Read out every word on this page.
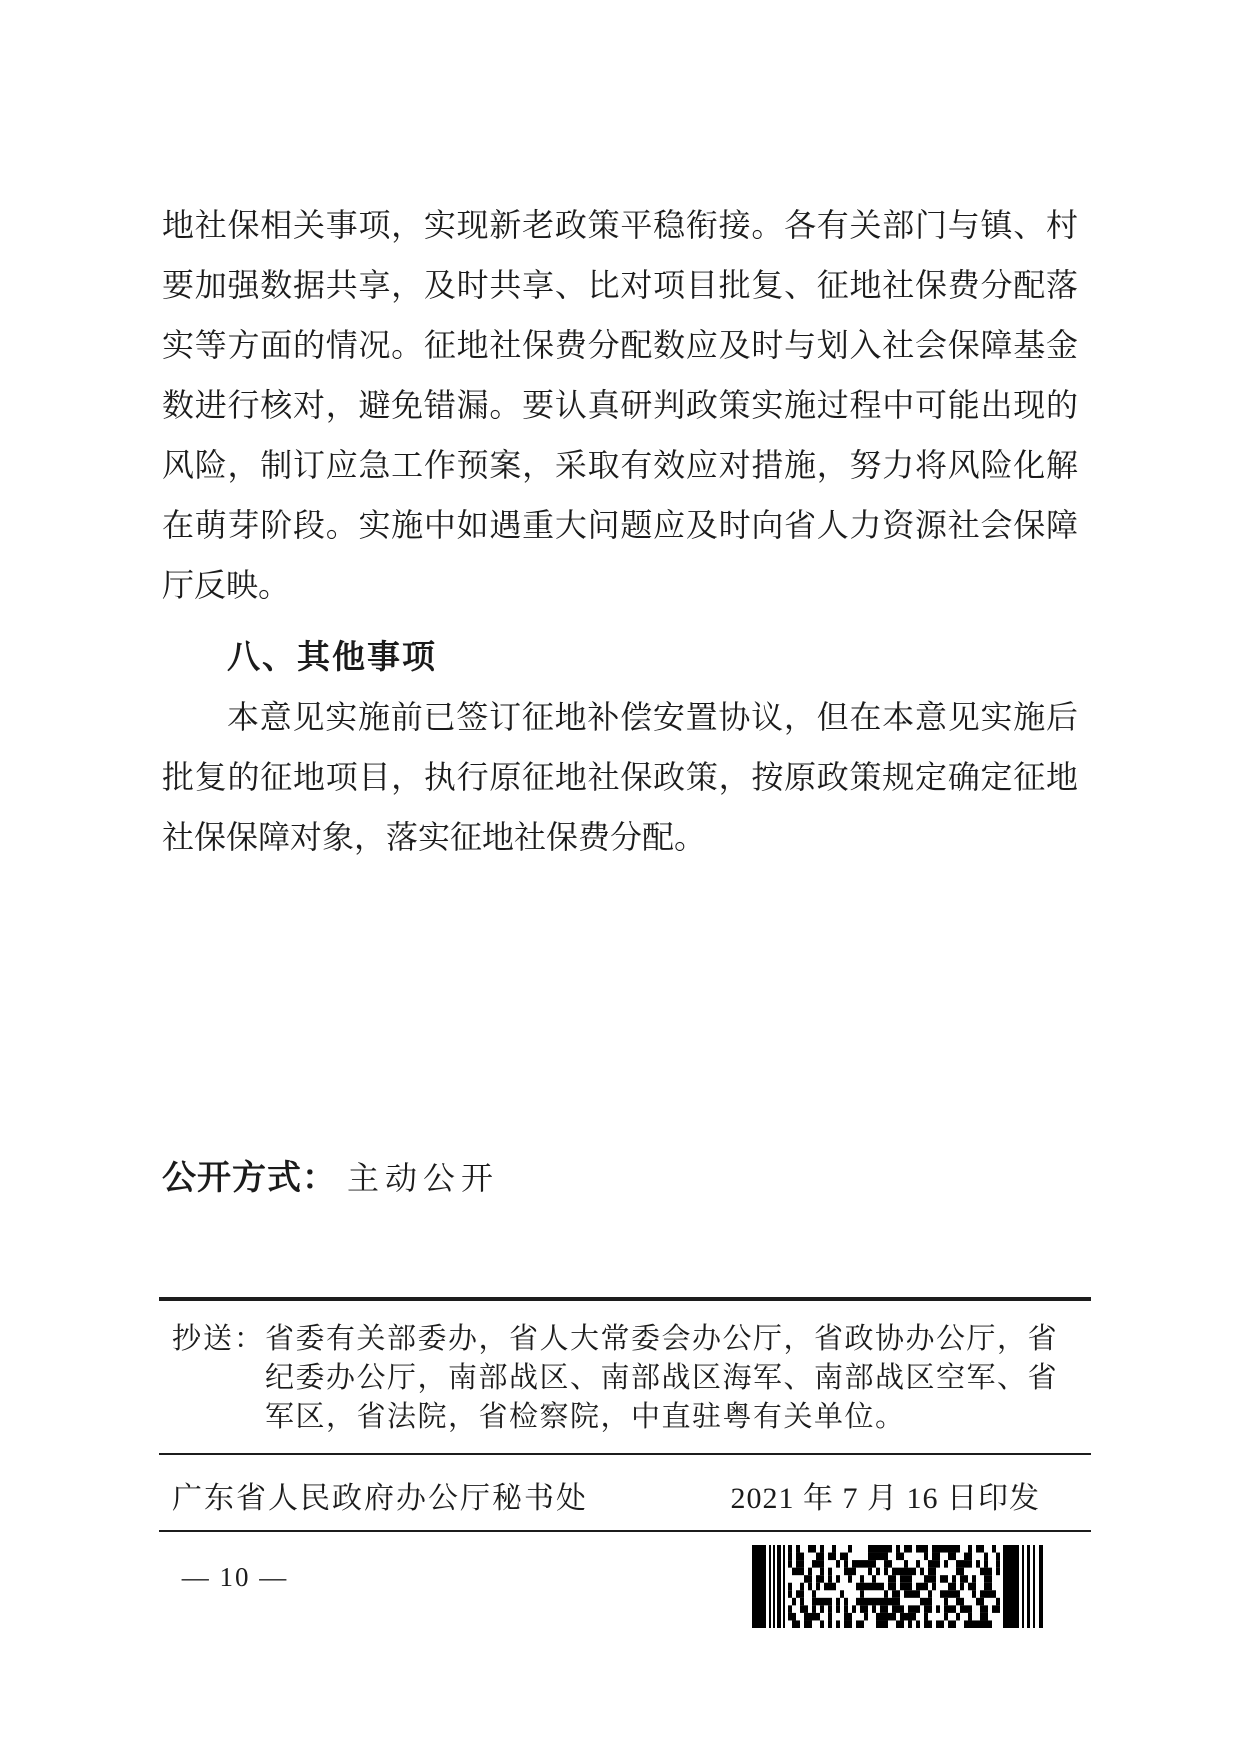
地社保相关事项，实现新老政策平稳衔接。各有关部门与镇、村
要加强数据共享，及时共享、比对项目批复、征地社保费分配落
实等方面的情况。征地社保费分配数应及时与划入社会保障基金
数进行核对，避免错漏。要认真研判政策实施过程中可能出现的
风险，制订应急工作预案，采取有效应对措施，努力将风险化解
在萌芽阶段。实施中如遇重大问题应及时向省人力资源社会保障
厅反映。
八、其他事项
本意见实施前已签订征地补偿安置协议，但在本意见实施后
批复的征地项目，执行原征地社保政策，按原政策规定确定征地
社保保障对象，落实征地社保费分配。
公开方式： 主动公开
抄送： 省委有关部委办，省人大常委会办公厅，省政协办公厅，省
纪委办公厅，南部战区、南部战区海军、南部战区空军、省
军区，省法院，省检察院，中直驻粤有关单位。
广东省人民政府办公厅秘书处	2021 年 7 月 16 日印发
— 10 —
